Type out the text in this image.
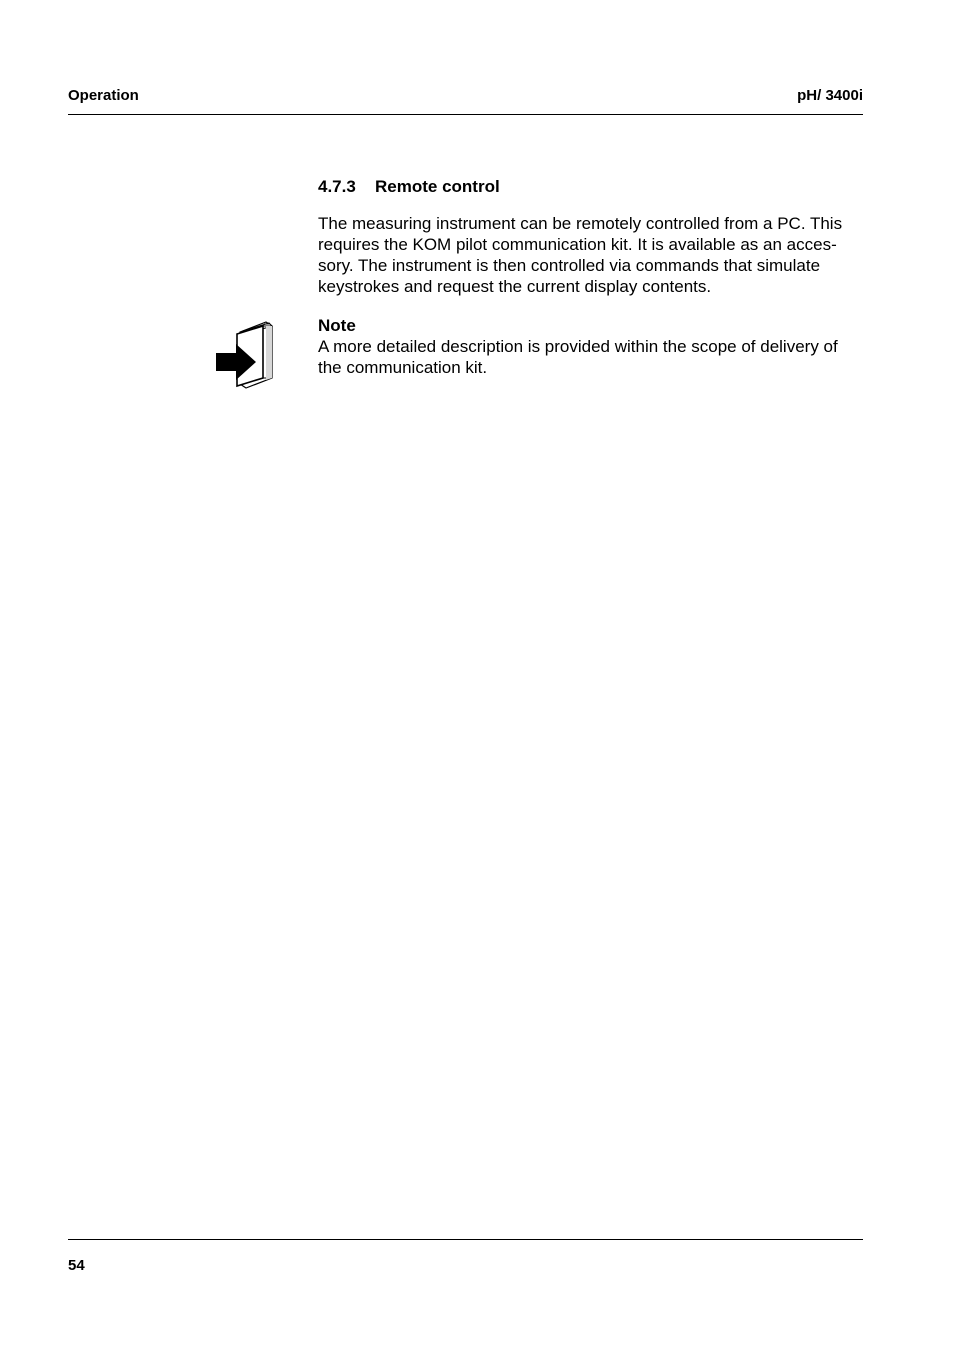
Operation	pH/ 3400i
4.7.3 Remote control
The measuring instrument can be remotely controlled from a PC. This
requires the KOM pilot communication kit. It is available as an acces-
sory. The instrument is then controlled via commands that simulate
keystrokes and request the current display contents.
Note
A more detailed description is provided within the scope of delivery of
the communication kit.
54
